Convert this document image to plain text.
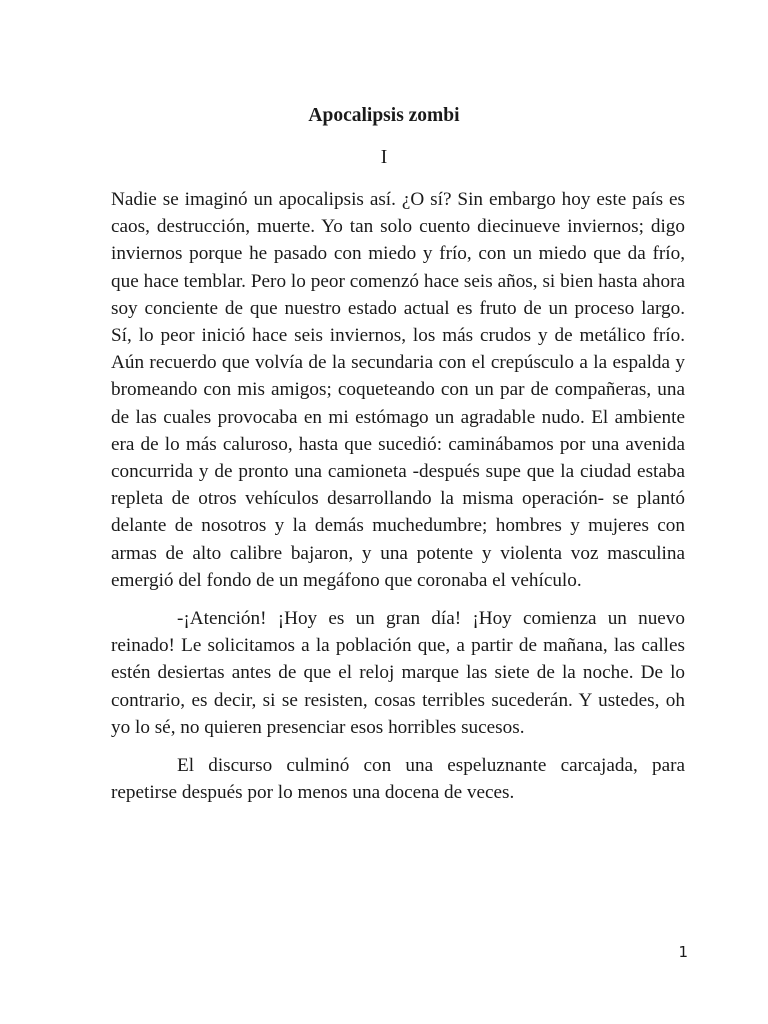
Apocalipsis zombi
I

Nadie se imaginó un apocalipsis así. ¿O sí? Sin embargo hoy este país es caos, destrucción, muerte. Yo tan solo cuento diecinueve inviernos; digo inviernos porque he pasado con miedo y frío, con un miedo que da frío, que hace temblar. Pero lo peor comenzó hace seis años, si bien hasta ahora soy conciente de que nuestro estado actual es fruto de un proceso largo. Sí, lo peor inició hace seis inviernos, los más crudos y de metálico frío. Aún recuerdo que volvía de la secundaria con el crepúsculo a la espalda y bromeando con mis amigos; coqueteando con un par de compañeras, una de las cuales provocaba en mi estómago un agradable nudo. El ambiente era de lo más caluroso, hasta que sucedió: caminábamos por una avenida concurrida y de pronto una camioneta -después supe que la ciudad estaba repleta de otros vehículos desarrollando la misma operación- se plantó delante de nosotros y la demás muchedumbre; hombres y mujeres con armas de alto calibre bajaron, y una potente y violenta voz masculina emergió del fondo de un megáfono que coronaba el vehículo.

-¡Atención! ¡Hoy es un gran día! ¡Hoy comienza un nuevo reinado! Le solicitamos a la población que, a partir de mañana, las calles estén desiertas antes de que el reloj marque las siete de la noche. De lo contrario, es decir, si se resisten, cosas terribles sucederán. Y ustedes, oh yo lo sé, no quieren presenciar esos horribles sucesos.

El discurso culminó con una espeluznante carcajada, para repetirse después por lo menos una docena de veces.

1
